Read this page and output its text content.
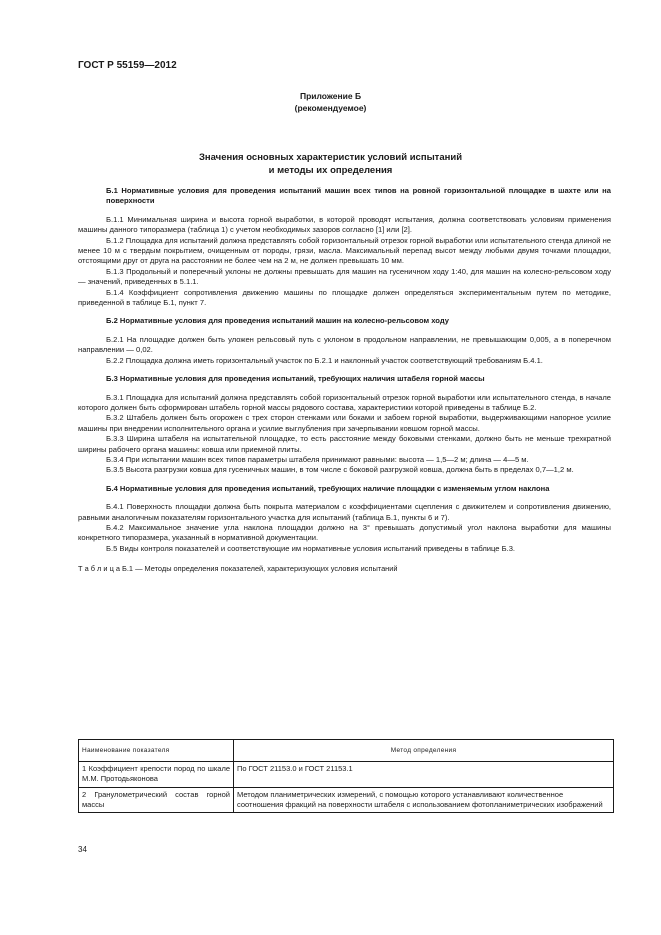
ГОСТ Р 55159—2012
Приложение Б
(рекомендуемое)
Значения основных характеристик условий испытаний
и методы их определения
Б.1 Нормативные условия для проведения испытаний машин всех типов на ровной горизонтальной площадке в шахте или на поверхности

Б.1.1 Минимальная ширина и высота горной выработки, в которой проводят испытания, должна соответствовать условиям применения машины данного типоразмера (таблица 1) с учетом необходимых зазоров согласно [1] или [2].

Б.1.2 Площадка для испытаний должна представлять собой горизонтальный отрезок горной выработки или испытательного стенда длиной не менее 10 м с твердым покрытием, очищенным от породы, грязи, масла. Максимальный перепад высот между любыми двумя точками площадки, отстоящими друг от друга на расстоянии не более чем на 2 м, не должен превышать 10 мм.

Б.1.3 Продольный и поперечный уклоны не должны превышать для машин на гусеничном ходу 1:40, для машин на колесно-рельсовом ходу — значений, приведенных в 5.1.1.

Б.1.4 Коэффициент сопротивления движению машины по площадке должен определяться экспериментальным путем по методике, приведенной в таблице Б.1, пункт 7.

Б.2 Нормативные условия для проведения испытаний машин на колесно-рельсовом ходу

Б.2.1 На площадке должен быть уложен рельсовый путь с уклоном в продольном направлении, не превышающим 0,005, а в поперечном направлении — 0,02.

Б.2.2 Площадка должна иметь горизонтальный участок по Б.2.1 и наклонный участок соответствующий требованиям Б.4.1.

Б.3 Нормативные условия для проведения испытаний, требующих наличия штабеля горной массы

Б.3.1 Площадка для испытаний должна представлять собой горизонтальный отрезок горной выработки или испытательного стенда, в начале которого должен быть сформирован штабель горной массы рядового состава, характеристики которой приведены в таблице Б.2.

Б.3.2 Штабель должен быть огорожен с трех сторон стенками или боками и забоем горной выработки, выдерживающими напорное усилие машины при внедрении исполнительного органа и усилие выглубления при зачерпывании ковшом горной массы.

Б.3.3 Ширина штабеля на испытательной площадке, то есть расстояние между боковыми стенками, должно быть не меньше трехкратной ширины рабочего органа машины: ковша или приемной плиты.

Б.3.4 При испытании машин всех типов параметры штабеля принимают равными: высота — 1,5—2 м; длина — 4—5 м.

Б.3.5 Высота разгрузки ковша для гусеничных машин, в том числе с боковой разгрузкой ковша, должна быть в пределах 0,7—1,2 м.

Б.4 Нормативные условия для проведения испытаний, требующих наличие площадки с изменяемым углом наклона

Б.4.1 Поверхность площадки должна быть покрыта материалом с коэффициентами сцепления с движителем и сопротивления движению, равными аналогичным показателям горизонтального участка для испытаний (таблица Б.1, пункты 6 и 7).

Б.4.2 Максимальное значение угла наклона площадки должно на 3° превышать допустимый угол наклона выработки для машины конкретного типоразмера, указанный в нормативной документации.

Б.5 Виды контроля показателей и соответствующие им нормативные условия испытаний приведены в таблице Б.3.

Т а б л и ц а Б.1 — Методы определения показателей, характеризующих условия испытаний
Наименование показателя	Метод определения
1 Коэффициент крепости пород по шкале М.М. Протодьяконова	По ГОСТ 21153.0 и ГОСТ 21153.1
2 Гранулометрический состав горной массы	Методом планиметрических измерений, с помощью которого устанавливают количественное соотношения фракций на поверхности штабеля с использованием фотопланиметрических изображений
34
